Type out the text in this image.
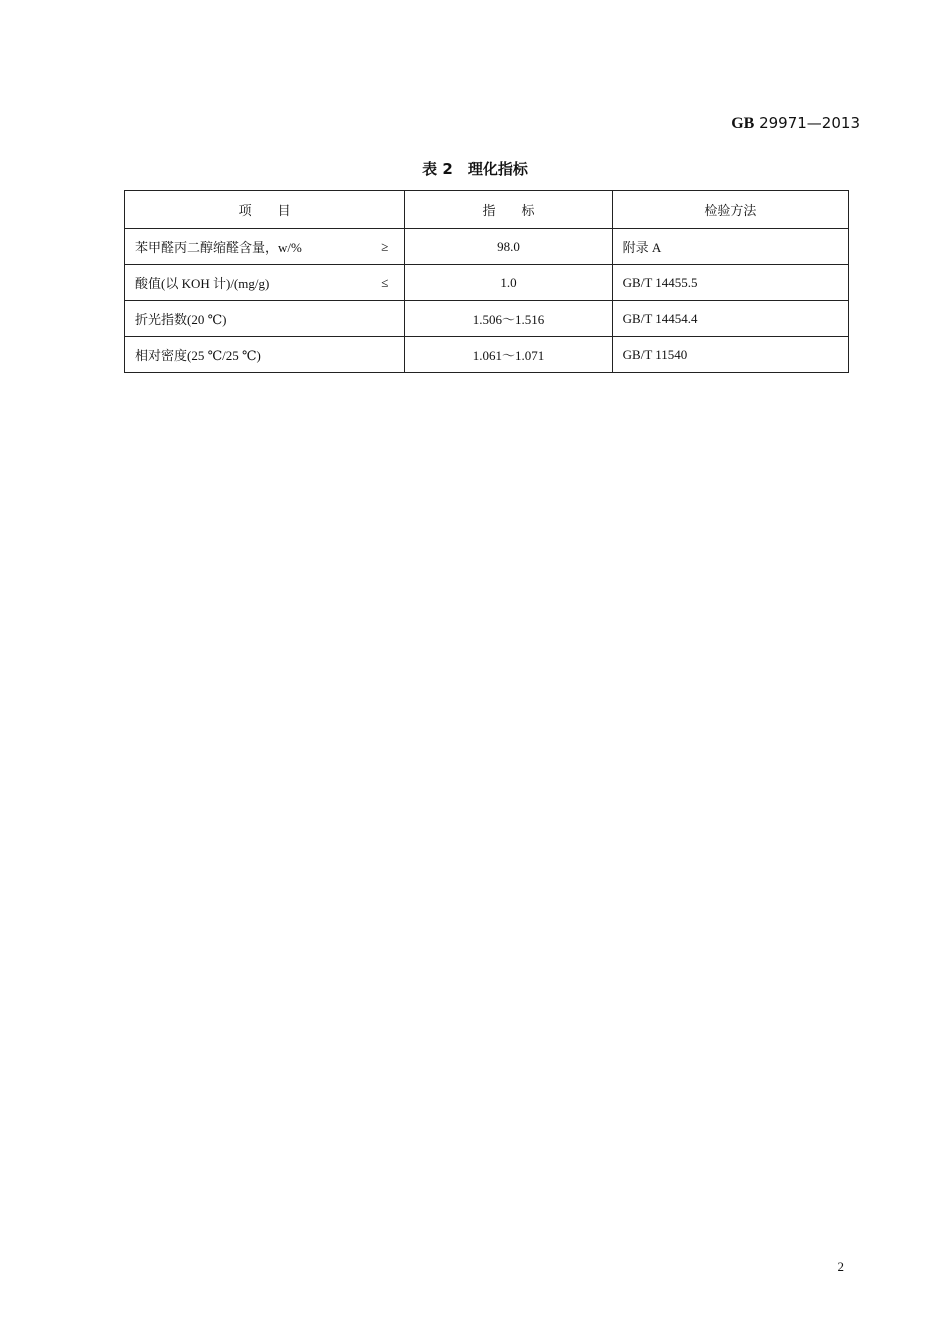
GB 29971—2013
表 2　理化指标
项　　目	指　　标	检验方法
苯甲醛丙二醇缩醛含量，w/% ≥	98.0	附录 A
酸值(以 KOH 计)/(mg/g) ≤	1.0	GB/T 14455.5
折光指数(20 ℃)	1.506～1.516	GB/T 14454.4
相对密度(25 ℃/25 ℃)	1.061～1.071	GB/T 11540
2
